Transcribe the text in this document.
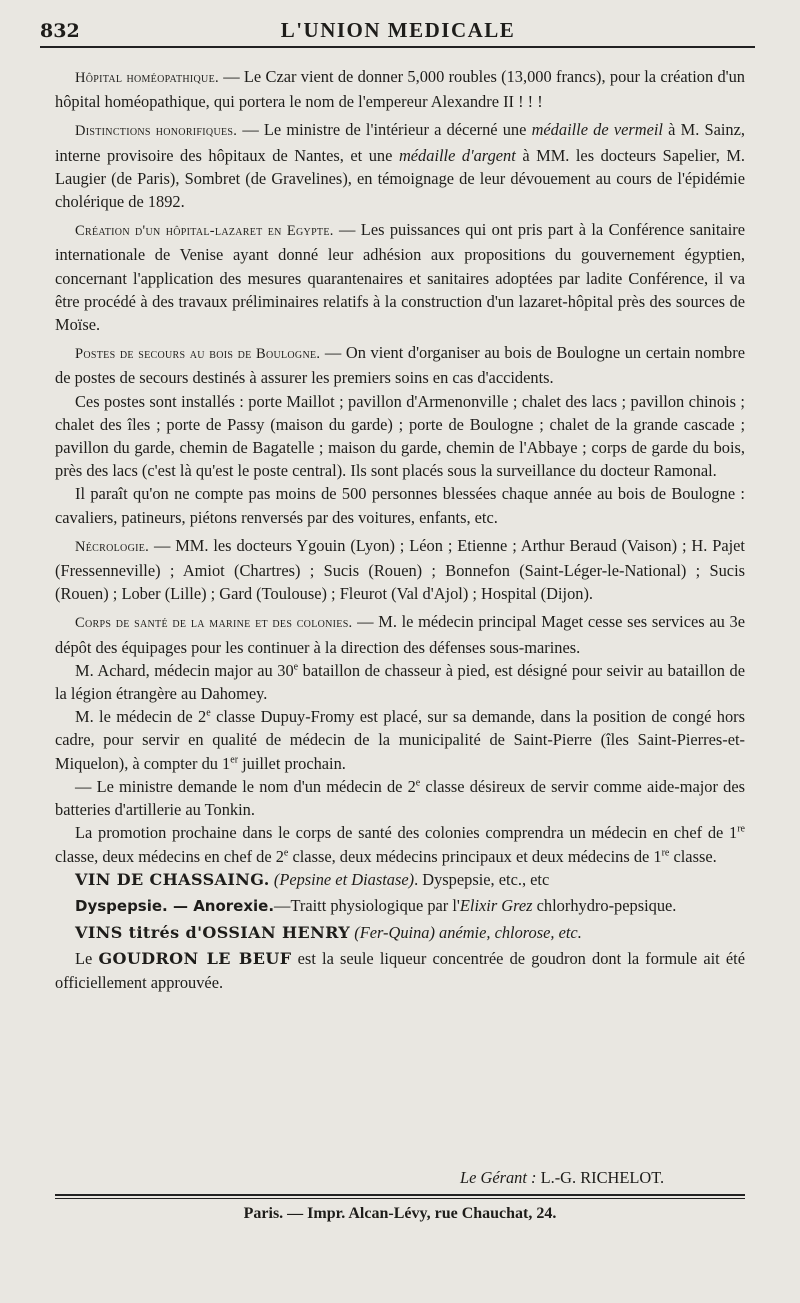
832	L'UNION MEDICALE

Hôpital homéopathique. — Le Czar vient de donner 5,000 roubles (13,000 francs), pour la création d'un hôpital homéopathique, qui portera le nom de l'empereur Alexandre II ! ! !

Distinctions honorifiques. — Le ministre de l'intérieur a décerné une médaille de vermeil à M. Sainz, interne provisoire des hôpitaux de Nantes, et une médaille d'argent à MM. les docteurs Sapelier, M. Laugier (de Paris), Sombret (de Gravelines), en témoignage de leur dévouement au cours de l'épidémie cholérique de 1892.

Création d'un hôpital-lazaret en Egypte. — Les puissances qui ont pris part à la Conférence sanitaire internationale de Venise ayant donné leur adhésion aux propositions du gouvernement égyptien, concernant l'application des mesures quarantenaires et sanitaires adoptées par ladite Conférence, il va être procédé à des travaux préliminaires relatifs à la construction d'un lazaret-hôpital près des sources de Moïse.

Postes de secours au bois de Boulogne. — On vient d'organiser au bois de Boulogne un certain nombre de postes de secours destinés à assurer les premiers soins en cas d'accidents.

Ces postes sont installés : porte Maillot ; pavillon d'Armenonville ; chalet des lacs ; pavillon chinois ; chalet des îles ; porte de Passy (maison du garde) ; porte de Boulogne ; chalet de la grande cascade ; pavillon du garde, chemin de Bagatelle ; maison du garde, chemin de l'Abbaye ; corps de garde du bois, près des lacs (c'est là qu'est le poste central). Ils sont placés sous la surveillance du docteur Ramonal.

Il paraît qu'on ne compte pas moins de 500 personnes blessées chaque année au bois de Boulogne : cavaliers, patineurs, piétons renversés par des voitures, enfants, etc.

Nécrologie. — MM. les docteurs Ygouin (Lyon) ; Léon ; Etienne ; Arthur Beraud (Vaison) ; H. Pajet (Fressenneville) ; Amiot (Chartres) ; Sucis (Rouen) ; Bonnefon (Saint-Léger-le-National) ; Sucis (Rouen) ; Lober (Lille) ; Gard (Toulouse) ; Fleurot (Val d'Ajol) ; Hospital (Dijon).

Corps de santé de la marine et des colonies. — M. le médecin principal Maget cesse ses services au 3e dépôt des équipages pour les continuer à la direction des défenses sous-marines.

M. Achard, médecin major au 30e bataillon de chasseur à pied, est désigné pour seivir au bataillon de la légion étrangère au Dahomey.

M. le médecin de 2e classe Dupuy-Fromy est placé, sur sa demande, dans la position de congé hors cadre, pour servir en qualité de médecin de la municipalité de Saint-Pierre (îles Saint-Pierres-et-Miquelon), à compter du 1er juillet prochain.

— Le ministre demande le nom d'un médecin de 2e classe désireux de servir comme aide-major des batteries d'artillerie au Tonkin.

La promotion prochaine dans le corps de santé des colonies comprendra un médecin en chef de 1re classe, deux médecins en chef de 2e classe, deux médecins principaux et deux médecins de 1re classe.

VIN DE CHASSAING. (Pepsine et Diastase). Dyspepsie, etc., etc

Dyspepsie. — Anorexie.—Traitt physiologique par l'Elixir Grez chlorhydro-pepsique.

VINS titrés d'OSSIAN HENRY (Fer-Quina) anémie, chlorose, etc.

Le GOUDRON LE BEUF est la seule liqueur concentrée de goudron dont la formule ait été officiellement approuvée.

Le Gérant : L.-G. RICHELOT.
Paris. — Impr. Alcan-Lévy, rue Chauchat, 24.
